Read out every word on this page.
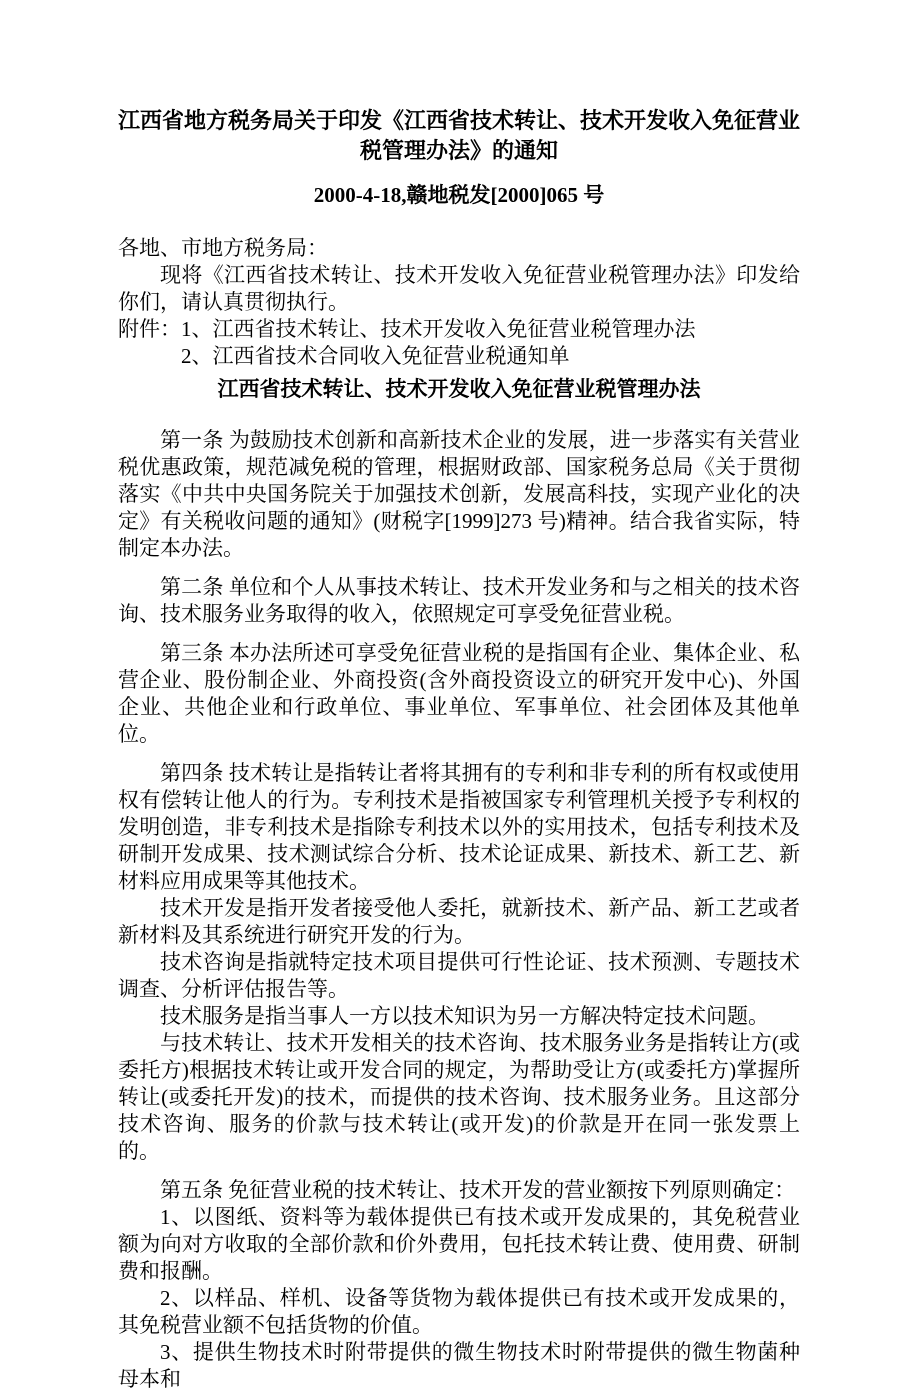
江西省地方税务局关于印发《江西省技术转让、技术开发收入免征营业税管理办法》的通知

2000-4-18,赣地税发[2000]065 号

各地、市地方税务局：

现将《江西省技术转让、技术开发收入免征营业税管理办法》印发给你们，请认真贯彻执行。

附件：1、江西省技术转让、技术开发收入免征营业税管理办法

2、江西省技术合同收入免征营业税通知单

江西省技术转让、技术开发收入免征营业税管理办法

第一条 为鼓励技术创新和高新技术企业的发展，进一步落实有关营业税优惠政策，规范减免税的管理，根据财政部、国家税务总局《关于贯彻落实《中共中央国务院关于加强技术创新，发展高科技，实现产业化的决定》有关税收问题的通知》(财税字[1999]273 号)精神。结合我省实际，特制定本办法。

第二条 单位和个人从事技术转让、技术开发业务和与之相关的技术咨询、技术服务业务取得的收入，依照规定可享受免征营业税。

第三条 本办法所述可享受免征营业税的是指国有企业、集体企业、私营企业、股份制企业、外商投资(含外商投资设立的研究开发中心)、外国企业、共他企业和行政单位、事业单位、军事单位、社会团体及其他单位。

第四条 技术转让是指转让者将其拥有的专利和非专利的所有权或使用权有偿转让他人的行为。专利技术是指被国家专利管理机关授予专利权的发明创造，非专利技术是指除专利技术以外的实用技术，包括专利技术及研制开发成果、技术测试综合分析、技术论证成果、新技术、新工艺、新材料应用成果等其他技术。

技术开发是指开发者接受他人委托，就新技术、新产品、新工艺或者新材料及其系统进行研究开发的行为。

技术咨询是指就特定技术项目提供可行性论证、技术预测、专题技术调查、分析评估报告等。

技术服务是指当事人一方以技术知识为另一方解决特定技术问题。

与技术转让、技术开发相关的技术咨询、技术服务业务是指转让方(或委托方)根据技术转让或开发合同的规定，为帮助受让方(或委托方)掌握所转让(或委托开发)的技术，而提供的技术咨询、技术服务业务。且这部分技术咨询、服务的价款与技术转让(或开发)的价款是开在同一张发票上的。

第五条 免征营业税的技术转让、技术开发的营业额按下列原则确定：

1、以图纸、资料等为载体提供已有技术或开发成果的，其免税营业额为向对方收取的全部价款和价外费用，包托技术转让费、使用费、研制费和报酬。

2、以样品、样机、设备等货物为载体提供已有技术或开发成果的，其免税营业额不包括货物的价值。

3、提供生物技术时附带提供的微生物技术时附带提供的微生物菌种母本和
